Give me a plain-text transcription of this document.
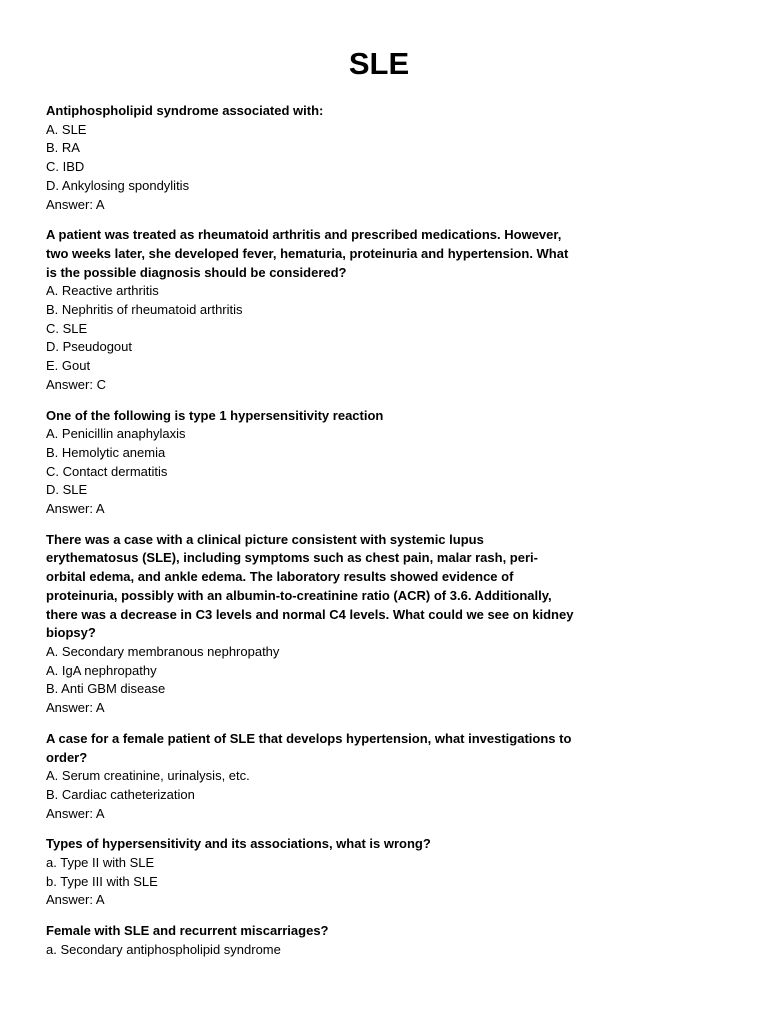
SLE
Antiphospholipid syndrome associated with:
A. SLE
B. RA
C. IBD
D. Ankylosing spondylitis
Answer: A
A patient was treated as rheumatoid arthritis and prescribed medications. However, two weeks later, she developed fever, hematuria, proteinuria and hypertension. What is the possible diagnosis should be considered?
A. Reactive arthritis
B. Nephritis of rheumatoid arthritis
C. SLE
D. Pseudogout
E. Gout
Answer: C
One of the following is type 1 hypersensitivity reaction
A. Penicillin anaphylaxis
B. Hemolytic anemia
C. Contact dermatitis
D. SLE
Answer: A
There was a case with a clinical picture consistent with systemic lupus erythematosus (SLE), including symptoms such as chest pain, malar rash, peri-orbital edema, and ankle edema. The laboratory results showed evidence of proteinuria, possibly with an albumin-to-creatinine ratio (ACR) of 3.6. Additionally, there was a decrease in C3 levels and normal C4 levels. What could we see on kidney biopsy?
A. Secondary membranous nephropathy
A. IgA nephropathy
B. Anti GBM disease
Answer: A
A case for a female patient of SLE that develops hypertension, what investigations to order?
A. Serum creatinine, urinalysis, etc.
B. Cardiac catheterization
Answer: A
Types of hypersensitivity and its associations, what is wrong?
a. Type II with SLE
b. Type III with SLE
Answer: A
Female with SLE and recurrent miscarriages?
a. Secondary antiphospholipid syndrome
